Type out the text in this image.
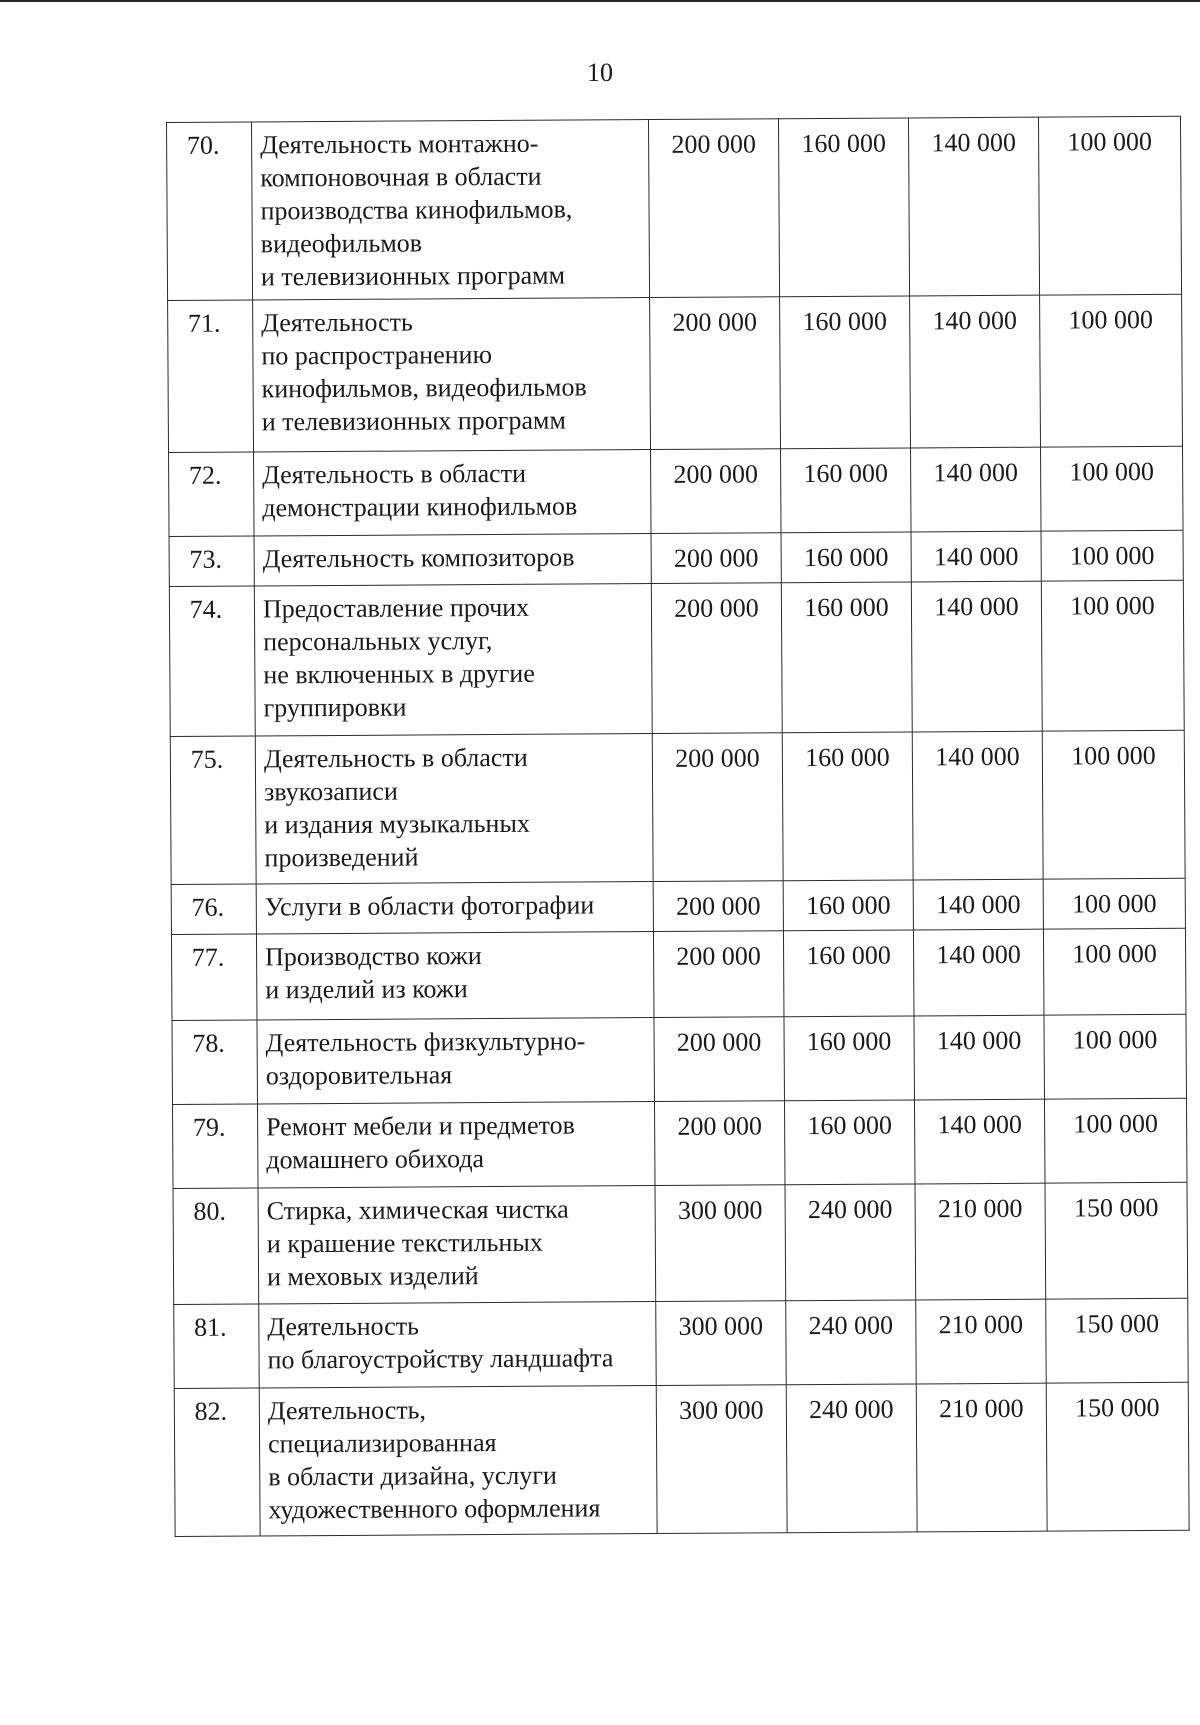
10
70.	Деятельность монтажно-
компоновочная в области
производства кинофильмов,
видеофильмов
и телевизионных программ	200 000	160 000	140 000	100 000
71.	Деятельность
по распространению
кинофильмов, видеофильмов
и телевизионных программ	200 000	160 000	140 000	100 000
72.	Деятельность в области
демонстрации кинофильмов	200 000	160 000	140 000	100 000
73.	Деятельность композиторов	200 000	160 000	140 000	100 000
74.	Предоставление прочих
персональных услуг,
не включенных в другие
группировки	200 000	160 000	140 000	100 000
75.	Деятельность в области
звукозаписи
и издания музыкальных
произведений	200 000	160 000	140 000	100 000
76.	Услуги в области фотографии	200 000	160 000	140 000	100 000
77.	Производство кожи
и изделий из кожи	200 000	160 000	140 000	100 000
78.	Деятельность физкультурно-
оздоровительная	200 000	160 000	140 000	100 000
79.	Ремонт мебели и предметов
домашнего обихода	200 000	160 000	140 000	100 000
80.	Стирка, химическая чистка
и крашение текстильных
и меховых изделий	300 000	240 000	210 000	150 000
81.	Деятельность
по благоустройству ландшафта	300 000	240 000	210 000	150 000
82.	Деятельность,
специализированная
в области дизайна, услуги
художественного оформления	300 000	240 000	210 000	150 000
